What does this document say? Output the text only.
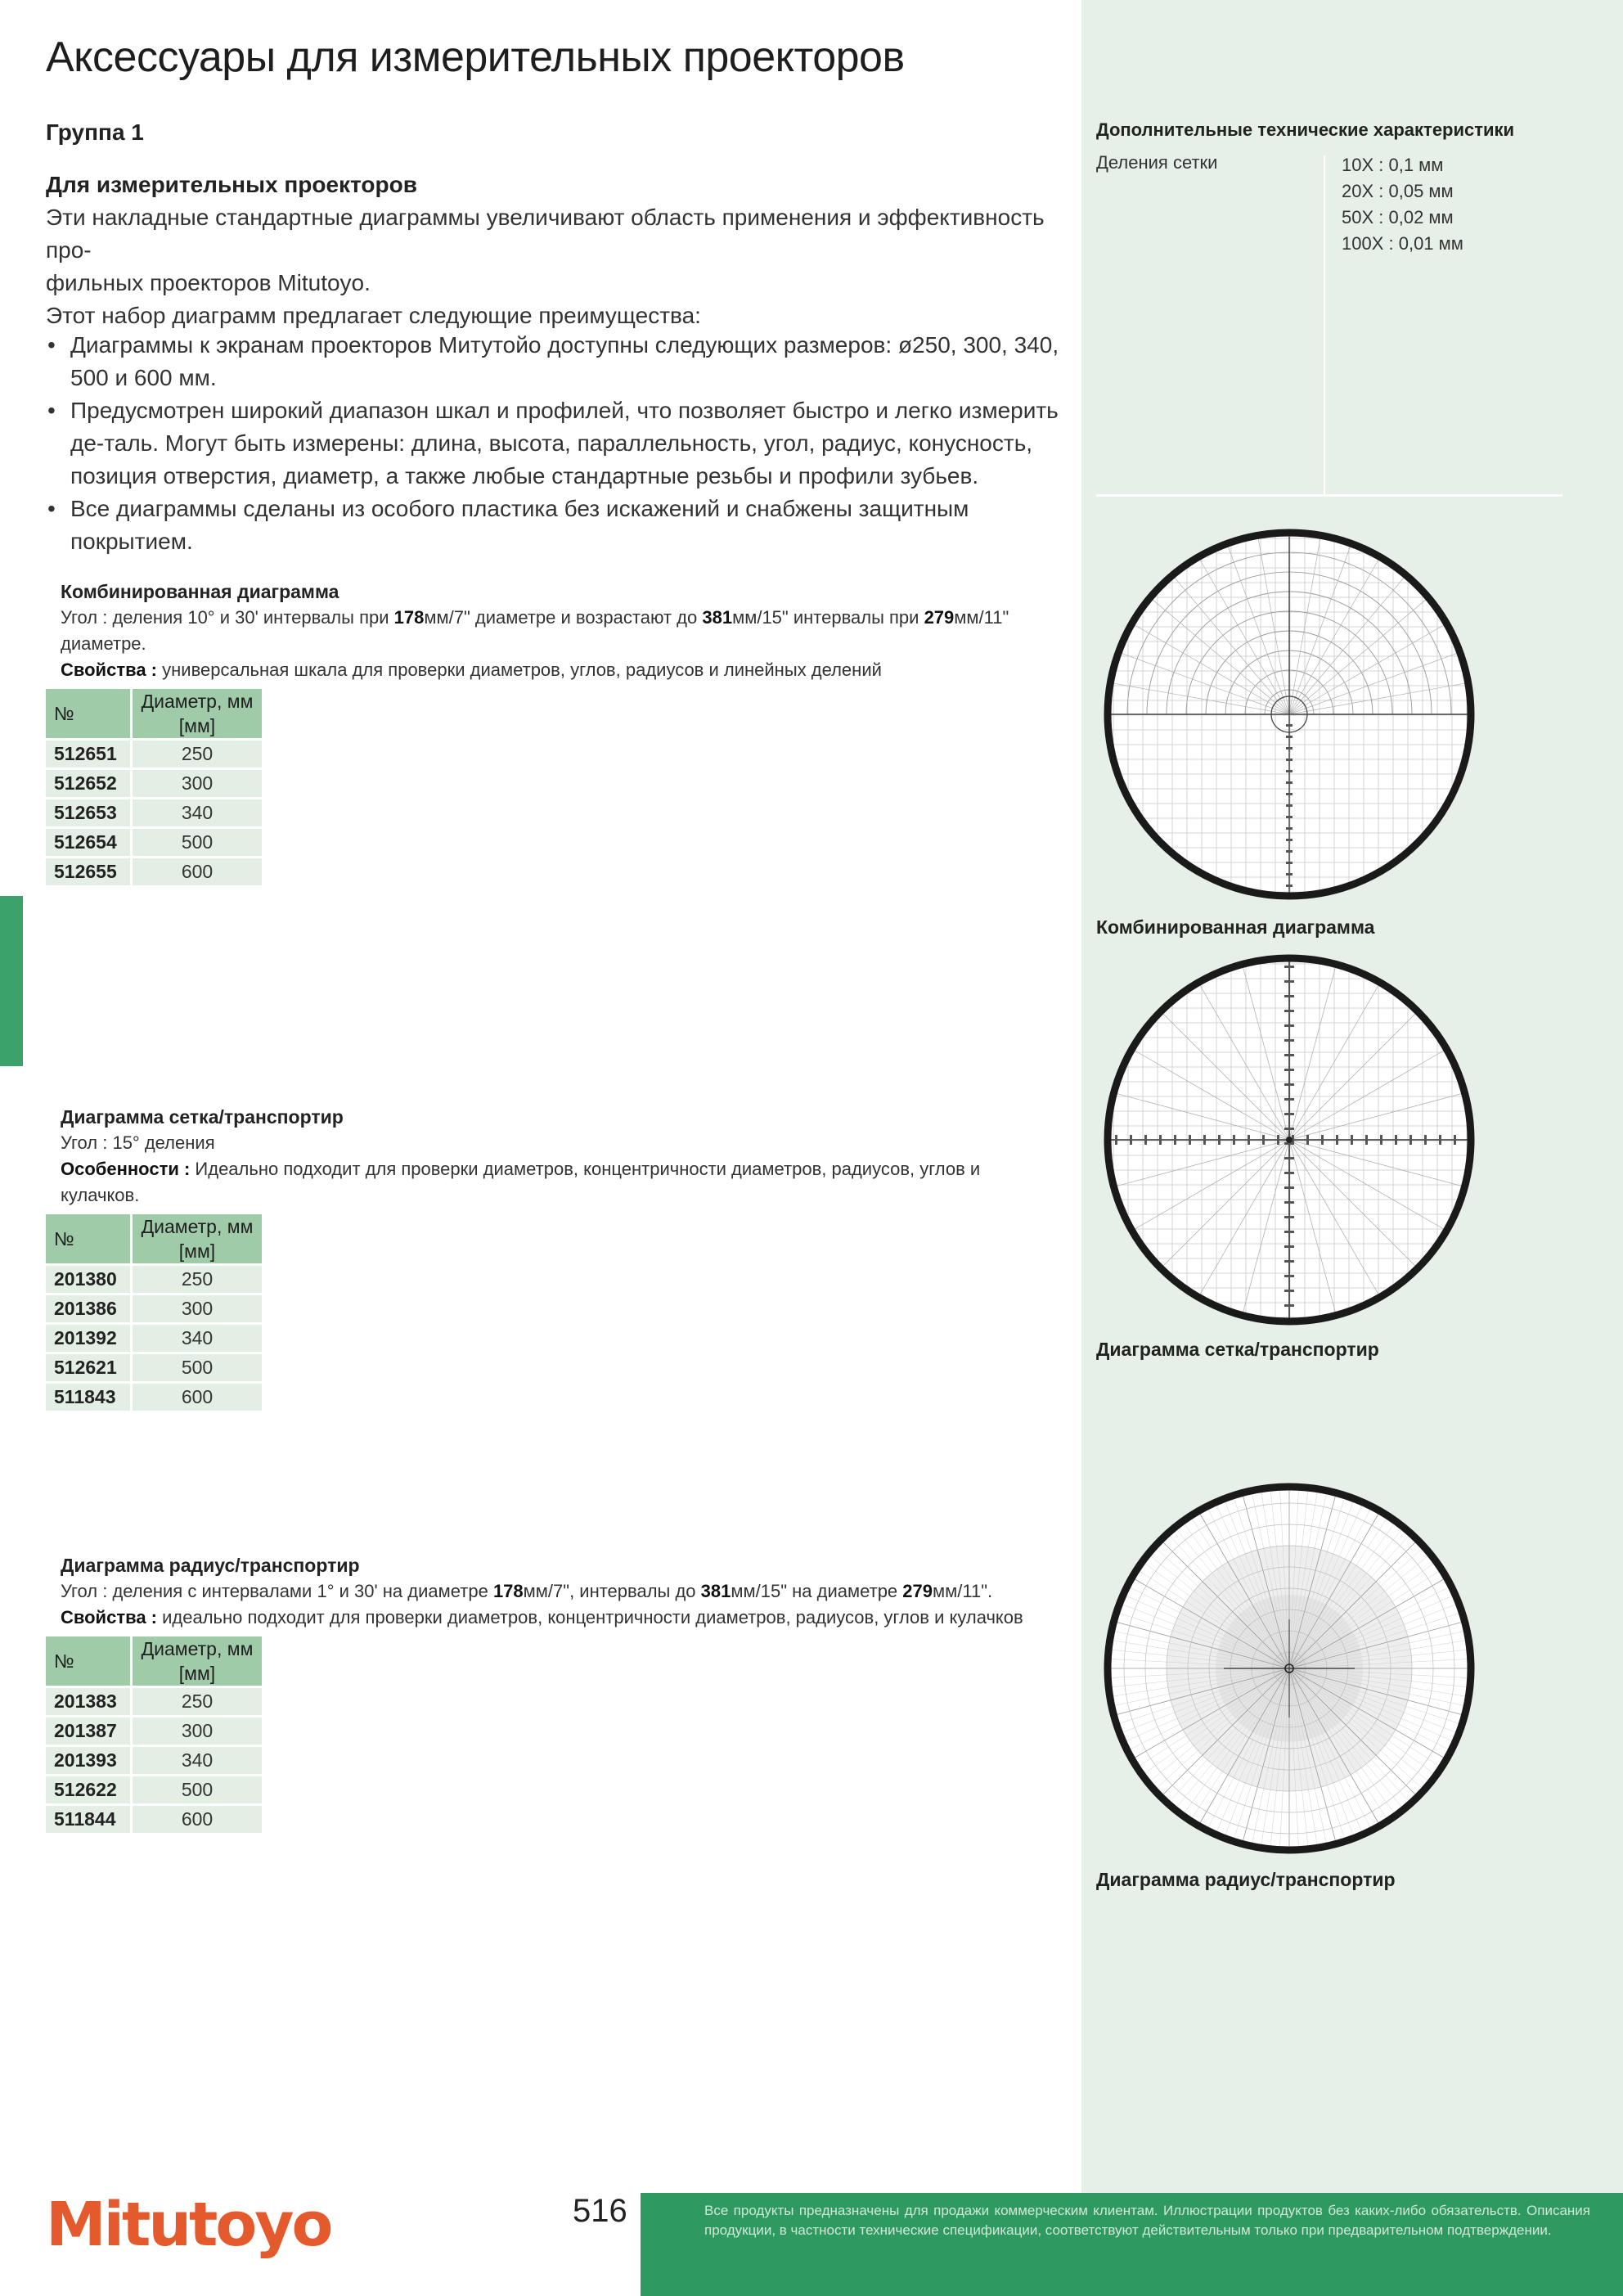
Аксессуары для измерительных проекторов
Группа 1

Для измерительных проекторов

Эти накладные стандартные диаграммы увеличивают область применения и эффективность про-

фильных проекторов Mitutoyo.

Этот набор диаграмм предлагает следующие преимущества:

• Диаграммы к экранам проекторов Митутойо доступны следующих размеров: ø250, 300, 340, 500 и 600 мм.
• Предусмотрен широкий диапазон шкал и профилей, что позволяет быстро и легко измерить де-таль. Могут быть измерены: длина, высота, параллельность, угол, радиус, конусность, позиция отверстия, диаметр, а также любые стандартные резьбы и профили зубьев.
• Все диаграммы сделаны из особого пластика без искажений и снабжены защитным покрытием.

Комбинированная диаграмма

Угол : деления 10° и 30' интервалы при 178мм/7" диаметре и возрастают до 381мм/15" интервалы при 279мм/11" диаметре.

Свойства : универсальная шкала для проверки диаметров, углов, радиусов и линейных делений

№	Диаметр, мм [мм]
512651	250
512652	300
512653	340
512654	500
512655	600

Диаграмма сетка/транспортир

Угол : 15° деления

Особенности : Идеально подходит для проверки диаметров, концентричности диаметров, радиусов, углов и кулачков.

№	Диаметр, мм [мм]
201380	250
201386	300
201392	340
512621	500
511843	600

Диаграмма радиус/транспортир

Угол : деления с интервалами 1° и 30' на диаметре 178мм/7", интервалы до 381мм/15" на диаметре 279мм/11".

Свойства : идеально подходит для проверки диаметров, концентричности диаметров, радиусов, углов и кулачков

№	Диаметр, мм [мм]
201383	250
201387	300
201393	340
512622	500
511844	600

Дополнительные технические характеристики

Деления сетки	10X : 0,1 мм
20X : 0,05 мм
50X : 0,02 мм
100X : 0,01 мм

Комбинированная диаграмма

Диаграмма сетка/транспортир

Диаграмма радиус/транспортир

Mitutoyo	516	Все продукты предназначены для продажи коммерческим клиентам. Иллюстрации продуктов без каких-либо обязательств. Описания продукции, в частности технические спецификации, соответствуют действительным только при предварительном подтверждении.
